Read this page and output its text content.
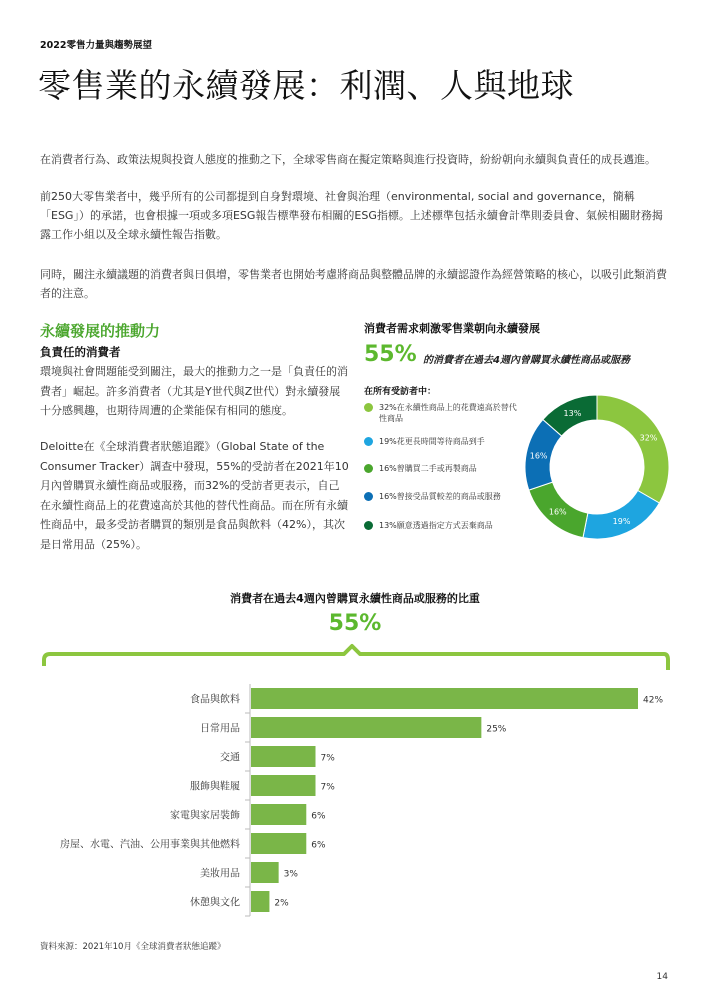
2022零售力量與趨勢展望
零售業的永續發展：利潤、人與地球
在消費者行為、政策法規與投資人態度的推動之下，全球零售商在擬定策略與進行投資時，紛紛朝向永續與負責任的成長邁進。
前250大零售業者中，幾乎所有的公司都提到自身對環境、社會與治理（environmental, social and governance，簡稱「ESG」）的承諾，也會根據一項或多項ESG報告標準發布相關的ESG指標。上述標準包括永續會計準則委員會、氣候相關財務揭露工作小組以及全球永續性報告指數。
同時，關注永續議題的消費者與日俱增，零售業者也開始考慮將商品與整體品牌的永續認證作為經營策略的核心，以吸引此類消費者的注意。
永續發展的推動力
負責任的消費者
環境與社會問題能受到關注，最大的推動力之一是「負責任的消費者」崛起。許多消費者（尤其是Y世代與Z世代）對永續發展十分感興趣，也期待周遭的企業能保有相同的態度。
Deloitte在《全球消費者狀態追蹤》（Global State of the Consumer Tracker）調查中發現，55%的受訪者在2021年10月內曾購買永續性商品或服務，而32%的受訪者更表示，自己在永續性商品上的花費遠高於其他的替代性商品。而在所有永續性商品中，最多受訪者購買的類別是食品與飲料（42%），其次是日常用品（25%）。
消費者需求刺激零售業朝向永續發展
55% 的消費者在過去4週內曾購買永續性商品或服務
在所有受訪者中：
32%在永續性商品上的花費遠高於替代性商品
19%花更長時間等待商品到手
16%曾購買二手或再製商品
16%曾接受品質較差的商品或服務
13%願意透過指定方式丟棄商品
32%
19%
16%
16%
13%
消費者在過去4週內曾購買永續性商品或服務的比重
55%
食品與飲料	42%
日常用品	25%
交通	7%
服飾與鞋履	7%
家電與家居裝飾	6%
房屋、水電、汽油、公用事業與其他燃料	6%
美妝用品	3%
休憩與文化	2%
資料來源：2021年10月《全球消費者狀態追蹤》
14
